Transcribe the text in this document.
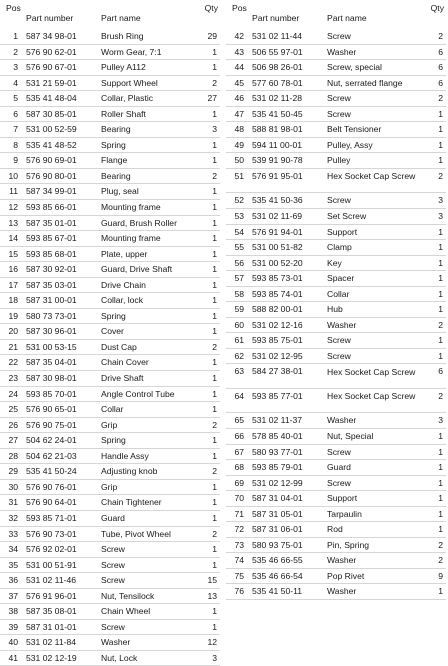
Pos
Part number	Part name
Qty
1 587 34 98-01	Brush Ring	29
2 576 90 62-01	Worm Gear, 7:1	1
3 576 90 67-01	Pulley A112	1
4 531 21 59-01	Support Wheel	2
5 535 41 48-04	Collar, Plastic	27
6 587 30 85-01	Roller Shaft	1
7 531 00 52-59	Bearing	3
8 535 41 48-52	Spring	1
9 576 90 69-01	Flange	1
10 576 90 80-01	Bearing	2
11 587 34 99-01	Plug, seal	1
12 593 85 66-01	Mounting frame	1
13 587 35 01-01	Guard, Brush Roller	1
14 593 85 67-01	Mounting frame	1
15 593 85 68-01	Plate, upper	1
16 587 30 92-01	Guard, Drive Shaft	1
17 587 35 03-01	Drive Chain	1
18 587 31 00-01	Collar, lock	1
19 580 73 73-01	Spring	1
20 587 30 96-01	Cover	1
21 531 00 53-15	Dust Cap	2
22 587 35 04-01	Chain Cover	1
23 587 30 98-01	Drive Shaft	1
24 593 85 70-01	Angle Control Tube	1
25 576 90 65-01	Collar	1
26 576 90 75-01	Grip	2
27 504 62 24-01	Spring	1
28 504 62 21-03	Handle Assy	1
29 535 41 50-24	Adjusting knob	2
30 576 90 76-01	Grip	1
31 576 90 64-01	Chain Tightener	1
32 593 85 71-01	Guard	1
33 576 90 73-01	Tube, Pivot Wheel	2
34 576 92 02-01	Screw	1
35 531 00 51-91	Screw	1
36 531 02 11-46	Screw	15
37 576 91 96-01	Nut, Tensilock	13
38 587 35 08-01	Chain Wheel	1
39 587 31 01-01	Screw	1
40 531 02 11-84	Washer	12
41 531 02 12-19	Nut, Lock	3
Pos
Part number	Part name
Qty
42 531 02 11-44	Screw	2
43 506 55 97-01	Washer	6
44 506 98 26-01	Screw, special	6
45 577 60 78-01	Nut, serrated flange	6
46 531 02 11-28	Screw	2
47 535 41 50-45	Screw	1
48 588 81 98-01	Belt Tensioner	1
49 594 11 00-01	Pulley, Assy	1
50 539 91 90-78	Pulley	1
51 576 91 95-01	Hex Socket Cap Screw	2
52 535 41 50-36	Screw	3
53 531 02 11-69	Set Screw	3
54 576 91 94-01	Support	1
55 531 00 51-82	Clamp	1
56 531 00 52-20	Key	1
57 593 85 73-01	Spacer	1
58 593 85 74-01	Collar	1
59 588 82 00-01	Hub	1
60 531 02 12-16	Washer	2
61 593 85 75-01	Screw	1
62 531 02 12-95	Screw	1
63 584 27 38-01	Hex Socket Cap Screw	6
64 593 85 77-01	Hex Socket Cap Screw	2
65 531 02 11-37	Washer	3
66 578 85 40-01	Nut, Special	1
67 580 93 77-01	Screw	1
68 593 85 79-01	Guard	1
69 531 02 12-99	Screw	1
70 587 31 04-01	Support	1
71 587 31 05-01	Tarpaulin	1
72 587 31 06-01	Rod	1
73 580 93 75-01	Pin, Spring	2
74 535 46 66-55	Washer	2
75 535 46 66-54	Pop Rivet	9
76 535 41 50-11	Washer	1
